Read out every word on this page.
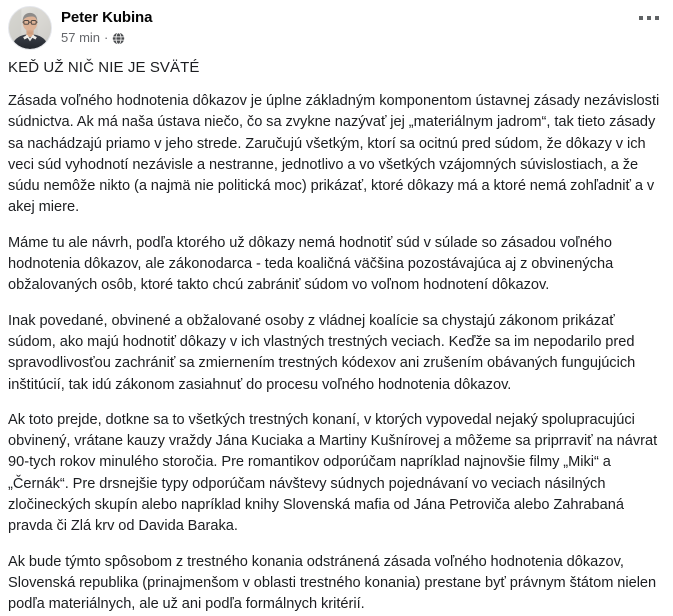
Peter Kubina
57 min ·
KEĎ UŽ NIČ NIE JE SVÄTÉ

Zásada voľného hodnotenia dôkazov je úplne základným komponentom ústavnej zásady nezávislosti súdnictva. Ak má naša ústava niečo, čo sa zvykne nazývať jej „materiálnym jadrom“, tak tieto zásady sa nachádzajú priamo v jeho strede. Zaručujú všetkým, ktorí sa ocitnú pred súdom, že dôkazy v ich veci súd vyhodnotí nezávisle a nestranne, jednotlivo a vo všetkých vzájomných súvislostiach, a že súdu nemôže nikto (a najmä nie politická moc) prikázať, ktoré dôkazy má a ktoré nemá zohľadniť a v akej miere.

Máme tu ale návrh, podľa ktorého už dôkazy nemá hodnotiť súd v súlade so zásadou voľného hodnotenia dôkazov, ale zákonodarca - teda koaličná väčšina pozostávajúca aj z obvinenýcha obžalovaných osôb, ktoré takto chcú zabrániť súdom vo voľnom hodnotení dôkazov.

Inak povedané, obvinené a obžalované osoby z vládnej koalície sa chystajú zákonom prikázať súdom, ako majú hodnotiť dôkazy v ich vlastných trestných veciach. Keďže sa im nepodarilo pred spravodlivosťou zachrániť sa zmiernením trestných kódexov ani zrušením obávaných fungujúcich inštitúcií, tak idú zákonom zasiahnuť do procesu voľného hodnotenia dôkazov.

Ak toto prejde, dotkne sa to všetkých trestných konaní, v ktorých vypovedal nejaký spolupracujúci obvinený, vrátane kauzy vraždy Jána Kuciaka a Martiny Kušnírovej a môžeme sa priprraviť na návrat 90-tych rokov minulého storočia. Pre romantikov odporúčam napríklad najnovšie filmy „Miki“ a „Černák“. Pre drsnejšie typy odporúčam návštevy súdnych pojednávaní vo veciach násilných zločineckých skupín alebo napríklad knihy Slovenská mafia od Jána Petroviča alebo Zahrabaná pravda či Zlá krv od Davida Baraka.

Ak bude týmto spôsobom z trestného konania odstránená zásada voľného hodnotenia dôkazov, Slovenská republika (prinajmenšom v oblasti trestného konania) prestane byť právnym štátom nielen podľa materiálnych, ale už ani podľa formálnych kritérií.
